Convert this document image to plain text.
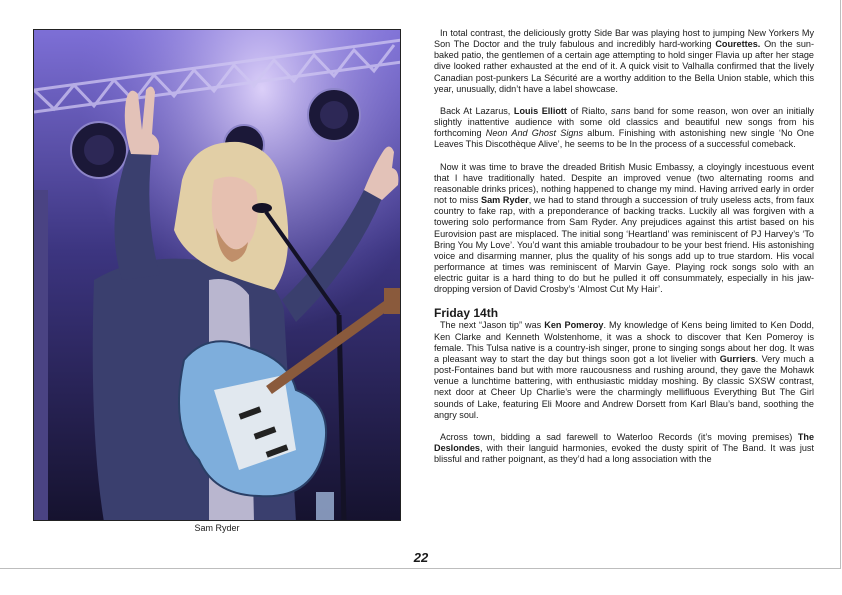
Sam Ryder

In total contrast, the deliciously grotty Side Bar was playing host to jumping New Yorkers My Son The Doctor and the truly fabulous and incredibly hard-working Courettes. On the sun-baked patio, the gentlemen of a certain age attempting to hold singer Flavia up after her stage dive looked rather exhausted at the end of it. A quick visit to Valhalla confirmed that the lively Canadian post-punkers La Sécurité are a worthy addition to the Bella Union stable, which this year, unusually, didn’t have a label showcase.

Back At Lazarus, Louis Elliott of Rialto, sans band for some reason, won over an initially slightly inattentive audience with some old classics and beautiful new songs from his forthcoming Neon And Ghost Signs album. Finishing with astonishing new single ‘No One Leaves This Discothèque Alive’, he seems to be In the process of a successful comeback.

Now it was time to brave the dreaded British Music Embassy, a cloyingly incestuous event that I have traditionally hated. Despite an improved venue (two alternating rooms and reasonable drinks prices), nothing happened to change my mind. Having arrived early in order not to miss Sam Ryder, we had to stand through a succession of truly useless acts, from faux country to fake rap, with a preponderance of backing tracks. Luckily all was forgiven with a towering solo performance from Sam Ryder. Any prejudices against this artist based on his Eurovision past are misplaced. The initial song ‘Heartland’ was reminiscent of PJ Harvey’s ‘To Bring You My Love’. You’d want this amiable troubadour to be your best friend. His astonishing voice and disarming manner, plus the quality of his songs add up to true stardom. His vocal performance at times was reminiscent of Marvin Gaye. Playing rock songs solo with an electric guitar is a hard thing to do but he pulled it off consummately, especially in his jaw-dropping version of David Crosby’s ‘Almost Cut My Hair’.

Friday 14th

The next “Jason tip” was Ken Pomeroy. My knowledge of Kens being limited to Ken Dodd, Ken Clarke and Kenneth Wolstenhome, it was a shock to discover that Ken Pomeroy is female. This Tulsa native is a country-ish singer, prone to singing songs about her dog. It was a pleasant way to start the day but things soon got a lot livelier with Gurriers. Very much a post-Fontaines band but with more raucousness and rushing around, they gave the Mohawk venue a lunchtime battering, with enthusiastic midday moshing. By classic SXSW contrast, next door at Cheer Up Charlie’s were the charmingly mellifluous Everything But The Girl sounds of Lake, featuring Eli Moore and Andrew Dorsett from Karl Blau’s band, soothing the angry soul.

Across town, bidding a sad farewell to Waterloo Records (it’s moving premises) The Deslondes, with their languid harmonies, evoked the dusty spirit of The Band. It was just blissful and rather poignant, as they’d had a long association with the

22
